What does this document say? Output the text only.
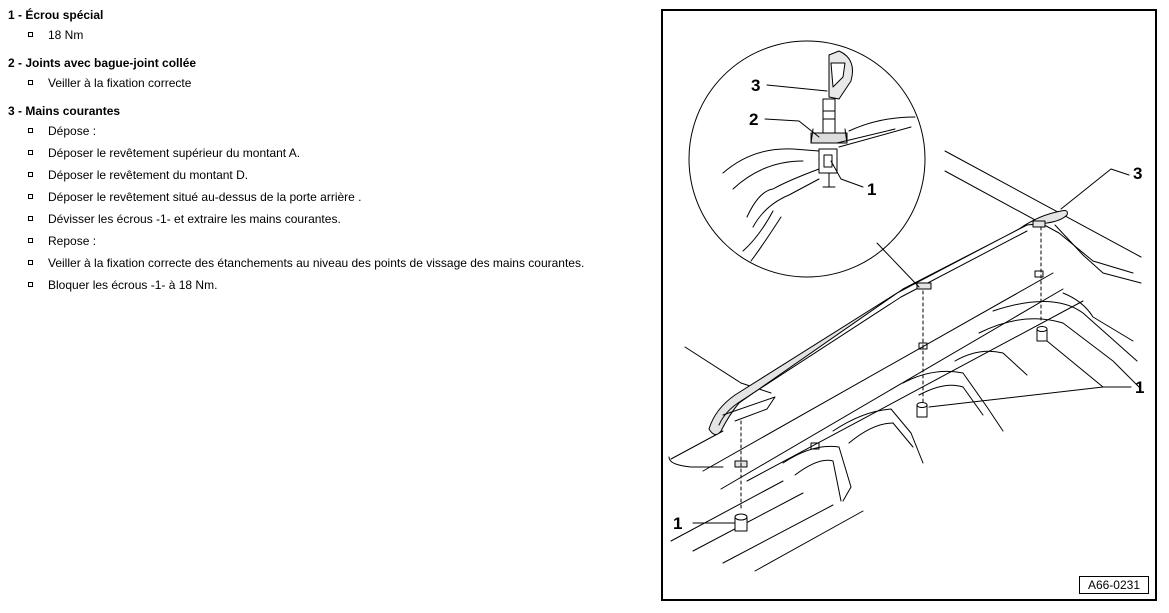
1 - Écrou spécial
18 Nm
2 - Joints avec bague-joint collée
Veiller à la fixation correcte
3 - Mains courantes
Dépose :
Déposer le revêtement supérieur du montant A.
Déposer le revêtement du montant D.
Déposer le revêtement situé au-dessus de la porte arrière .
Dévisser les écrous -1- et extraire les mains courantes.
Repose :
Veiller à la fixation correcte des étanchements au niveau des points de vissage des mains courantes.
Bloquer les écrous -1- à 18 Nm.
3
2
1
3
1
1
A66-0231
